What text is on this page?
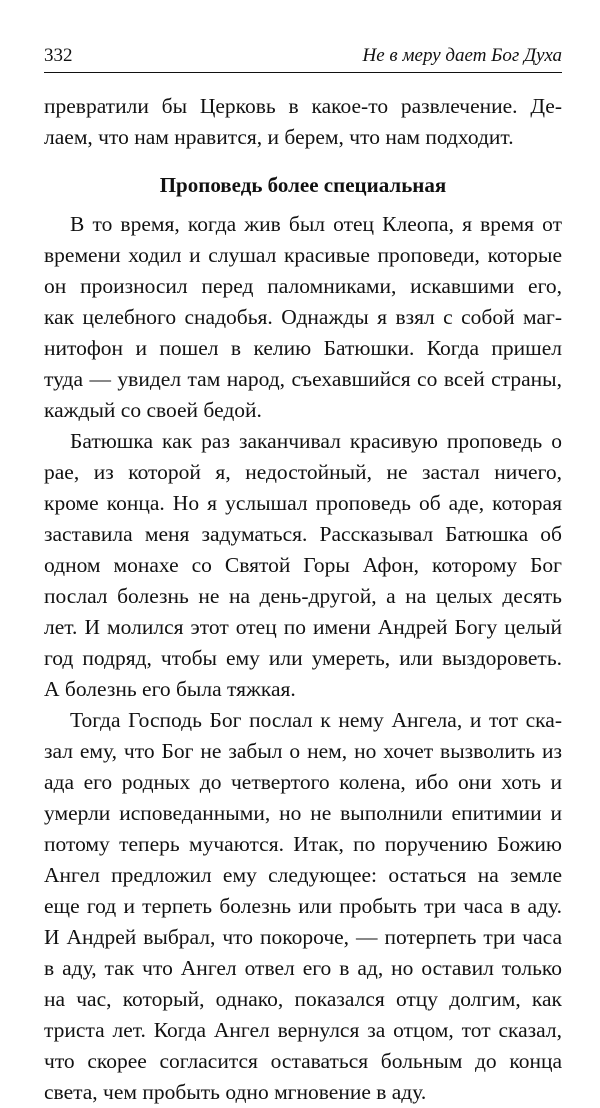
332	Не в меру дает Бог Духа
превратили бы Церковь в какое-то развлечение. Де-
лаем, что нам нравится, и берем, что нам подходит.
Проповедь более специальная
В то время, когда жив был отец Клеопа, я время от
времени ходил и слушал красивые проповеди, которые
он произносил перед паломниками, искавшими его,
как целебного снадобья. Однажды я взял с собой маг-
нитофон и пошел в келию Батюшки. Когда пришел
туда — увидел там народ, съехавшийся со всей страны,
каждый со своей бедой.
Батюшка как раз заканчивал красивую проповедь о
рае, из которой я, недостойный, не застал ничего,
кроме конца. Но я услышал проповедь об аде, которая
заставила меня задуматься. Рассказывал Батюшка об
одном монахе со Святой Горы Афон, которому Бог
послал болезнь не на день-другой, а на целых десять
лет. И молился этот отец по имени Андрей Богу целый
год подряд, чтобы ему или умереть, или выздороветь.
А болезнь его была тяжкая.
Тогда Господь Бог послал к нему Ангела, и тот ска-
зал ему, что Бог не забыл о нем, но хочет вызволить из
ада его родных до четвертого колена, ибо они хоть и
умерли исповеданными, но не выполнили епитимии и
потому теперь мучаются. Итак, по поручению Божию
Ангел предложил ему следующее: остаться на земле
еще год и терпеть болезнь или пробыть три часа в аду.
И Андрей выбрал, что покороче, — потерпеть три часа
в аду, так что Ангел отвел его в ад, но оставил только
на час, который, однако, показался отцу долгим, как
триста лет. Когда Ангел вернулся за отцом, тот сказал,
что скорее согласится оставаться больным до конца
света, чем пробыть одно мгновение в аду.
